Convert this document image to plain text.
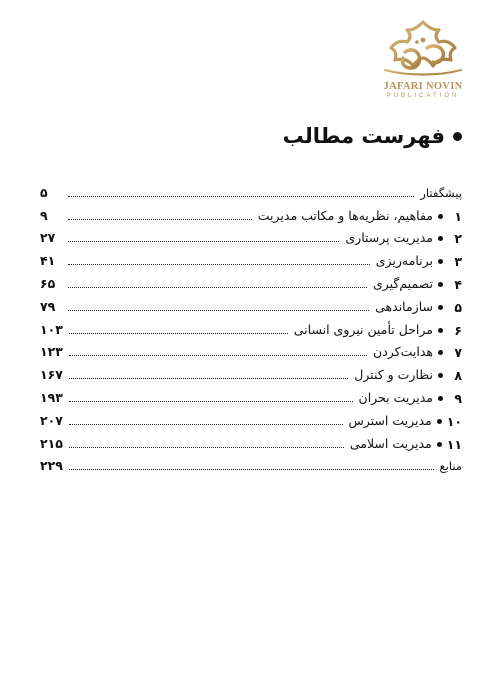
JAFARI NOVIN
PUBLICATION
فهرست مطالب
پیشگفتار
۵
۱
مفاهیم، نظریه‌ها و مکاتب مدیریت
۹
۲
مدیریت پرستاری
۲۷
۳
برنامه‌ریزی
۴۱
۴
تصمیم‌گیری
۶۵
۵
سازماندهی
۷۹
۶
مراحل تأمین نیروی انسانی
۱۰۳
۷
هدایت‌کردن
۱۲۳
۸
نظارت و کنترل
۱۶۷
۹
مدیریت بحران
۱۹۳
۱۰
مدیریت استرس
۲۰۷
۱۱
مدیریت اسلامی
۲۱۵
منابع
۲۲۹
